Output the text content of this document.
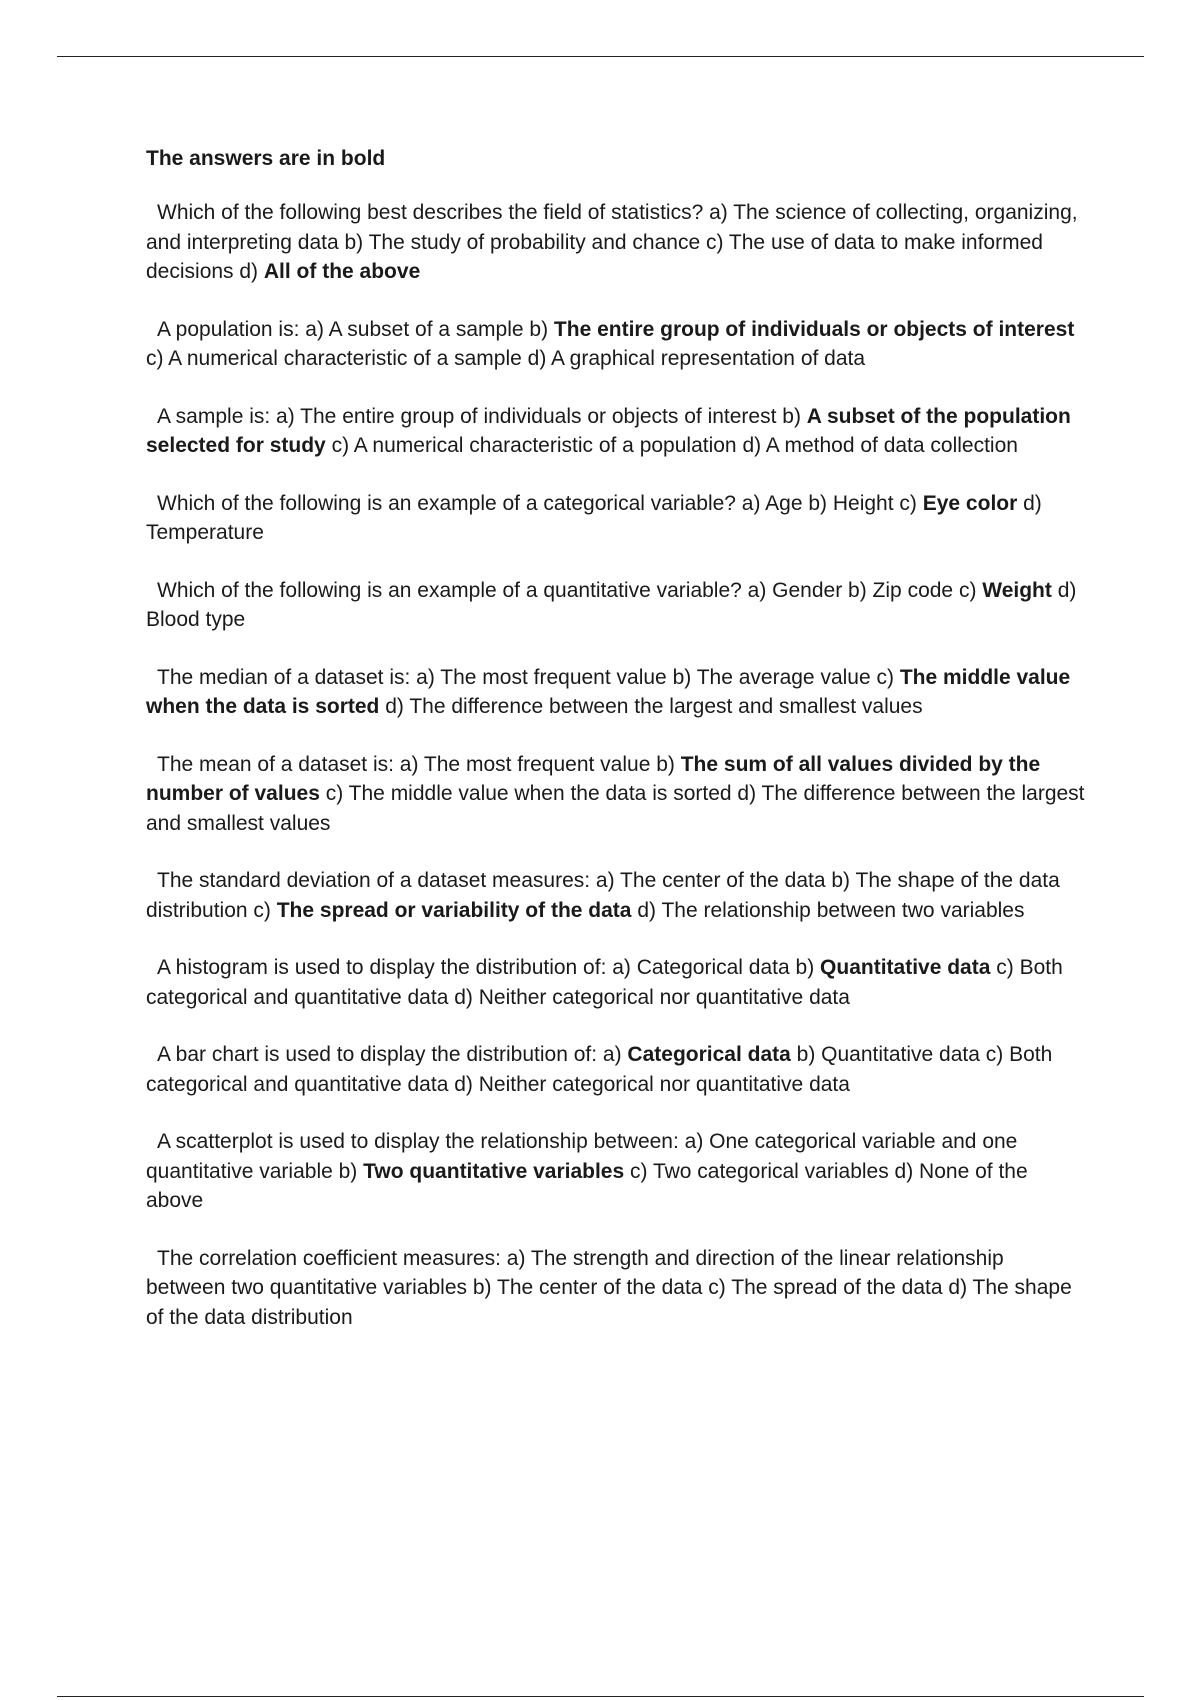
The answers are in bold

Which of the following best describes the field of statistics? a) The science of collecting, organizing, and interpreting data b) The study of probability and chance c) The use of data to make informed decisions d) All of the above

A population is: a) A subset of a sample b) The entire group of individuals or objects of interest c) A numerical characteristic of a sample d) A graphical representation of data

A sample is: a) The entire group of individuals or objects of interest b) A subset of the population selected for study c) A numerical characteristic of a population d) A method of data collection

Which of the following is an example of a categorical variable? a) Age b) Height c) Eye color d) Temperature

Which of the following is an example of a quantitative variable? a) Gender b) Zip code c) Weight d) Blood type

The median of a dataset is: a) The most frequent value b) The average value c) The middle value when the data is sorted d) The difference between the largest and smallest values

The mean of a dataset is: a) The most frequent value b) The sum of all values divided by the number of values c) The middle value when the data is sorted d) The difference between the largest and smallest values

The standard deviation of a dataset measures: a) The center of the data b) The shape of the data distribution c) The spread or variability of the data d) The relationship between two variables

A histogram is used to display the distribution of: a) Categorical data b) Quantitative data c) Both categorical and quantitative data d) Neither categorical nor quantitative data

A bar chart is used to display the distribution of: a) Categorical data b) Quantitative data c) Both categorical and quantitative data d) Neither categorical nor quantitative data

A scatterplot is used to display the relationship between: a) One categorical variable and one quantitative variable b) Two quantitative variables c) Two categorical variables d) None of the above

The correlation coefficient measures: a) The strength and direction of the linear relationship between two quantitative variables b) The center of the data c) The spread of the data d) The shape of the data distribution
